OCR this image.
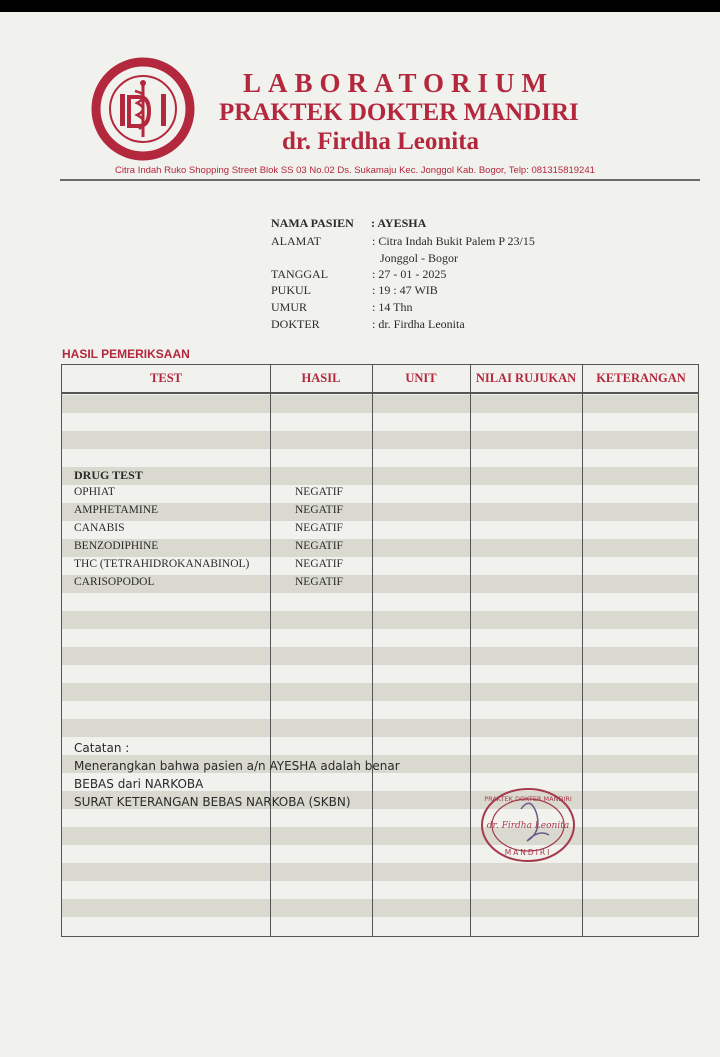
LABORATORIUM
PRAKTEK DOKTER MANDIRI
dr. Firdha Leonita
Citra Indah Ruko Shopping Street Blok SS 03 No.02 Ds. Sukamaju Kec. Jonggol Kab. Bogor, Telp: 081315819241
NAMA PASIEN : AYESHA
ALAMAT	: Citra Indah Bukit Palem P 23/15
Jonggol - Bogor
TANGGAL	: 27 - 01 - 2025
PUKUL	: 19 : 47 WIB
UMUR	: 14 Thn
DOKTER	: dr. Firdha Leonita
HASIL PEMERIKSAAN
TEST	HASIL	UNIT	NILAI RUJUKAN	KETERANGAN
DRUG TEST
OPHIAT	NEGATIF
AMPHETAMINE	NEGATIF
CANABIS	NEGATIF
BENZODIPHINE	NEGATIF
THC (TETRAHIDROKANABINOL)	NEGATIF
CARISOPODOL	NEGATIF
Catatan :
Menerangkan bahwa pasien a/n AYESHA adalah benar
BEBAS dari NARKOBA
SURAT KETERANGAN BEBAS NARKOBA (SKBN)	PRAKTEK DOKTER MANDIRI
dr. Firdha Leonita
MANDIRI
